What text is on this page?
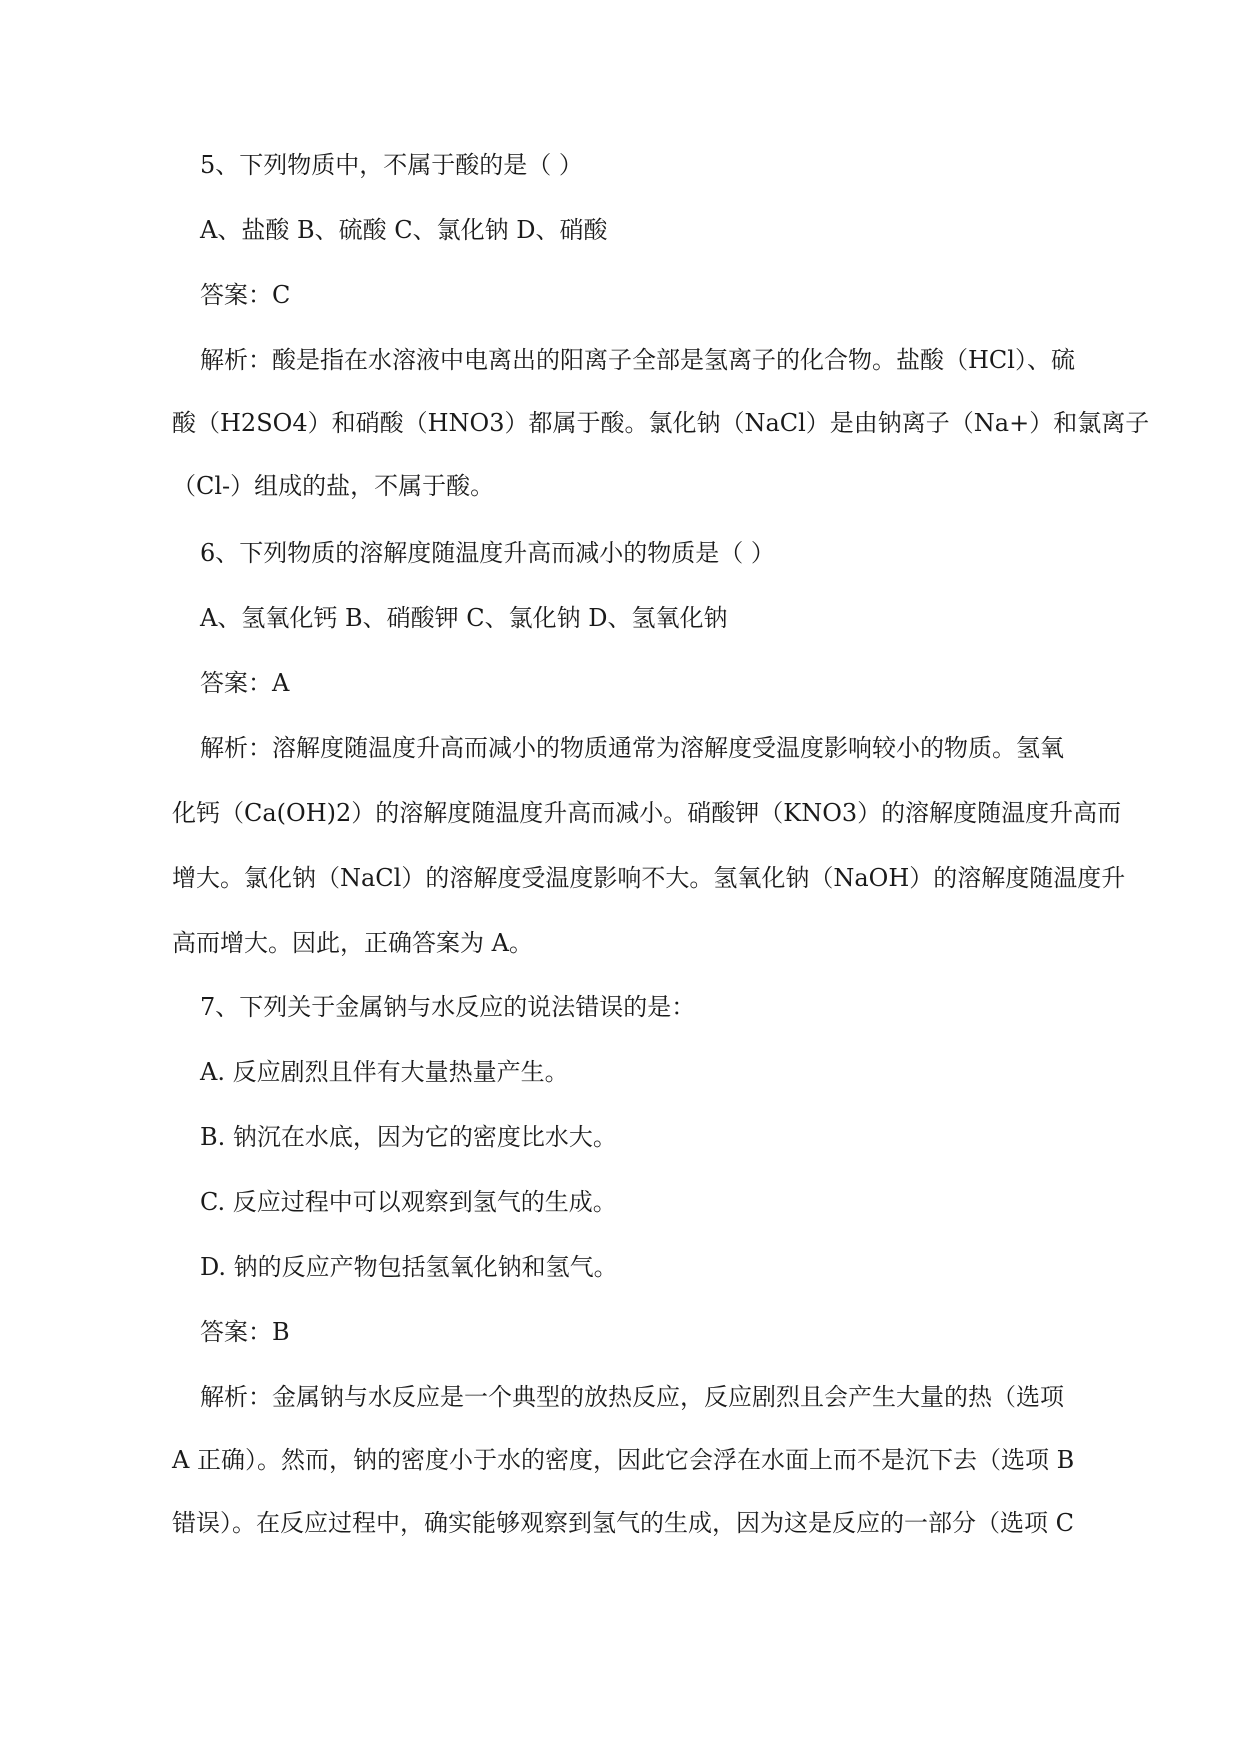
5、下列物质中，不属于酸的是（ ）
A、盐酸 B、硫酸 C、氯化钠 D、硝酸
答案：C
解析：酸是指在水溶液中电离出的阳离子全部是氢离子的化合物。盐酸（HCl）、硫
酸（H2SO4）和硝酸（HNO3）都属于酸。氯化钠（NaCl）是由钠离子（Na+）和氯离子
（Cl-）组成的盐，不属于酸。
6、下列物质的溶解度随温度升高而减小的物质是（ ）
A、氢氧化钙 B、硝酸钾 C、氯化钠 D、氢氧化钠
答案：A
解析：溶解度随温度升高而减小的物质通常为溶解度受温度影响较小的物质。氢氧
化钙（Ca(OH)2）的溶解度随温度升高而减小。硝酸钾（KNO3）的溶解度随温度升高而
增大。氯化钠（NaCl）的溶解度受温度影响不大。氢氧化钠（NaOH）的溶解度随温度升
高而增大。因此，正确答案为 A。
7、下列关于金属钠与水反应的说法错误的是：
A. 反应剧烈且伴有大量热量产生。
B. 钠沉在水底，因为它的密度比水大。
C. 反应过程中可以观察到氢气的生成。
D. 钠的反应产物包括氢氧化钠和氢气。
答案：B
解析：金属钠与水反应是一个典型的放热反应，反应剧烈且会产生大量的热（选项
A 正确）。然而，钠的密度小于水的密度，因此它会浮在水面上而不是沉下去（选项 B
错误）。在反应过程中，确实能够观察到氢气的生成，因为这是反应的一部分（选项 C
